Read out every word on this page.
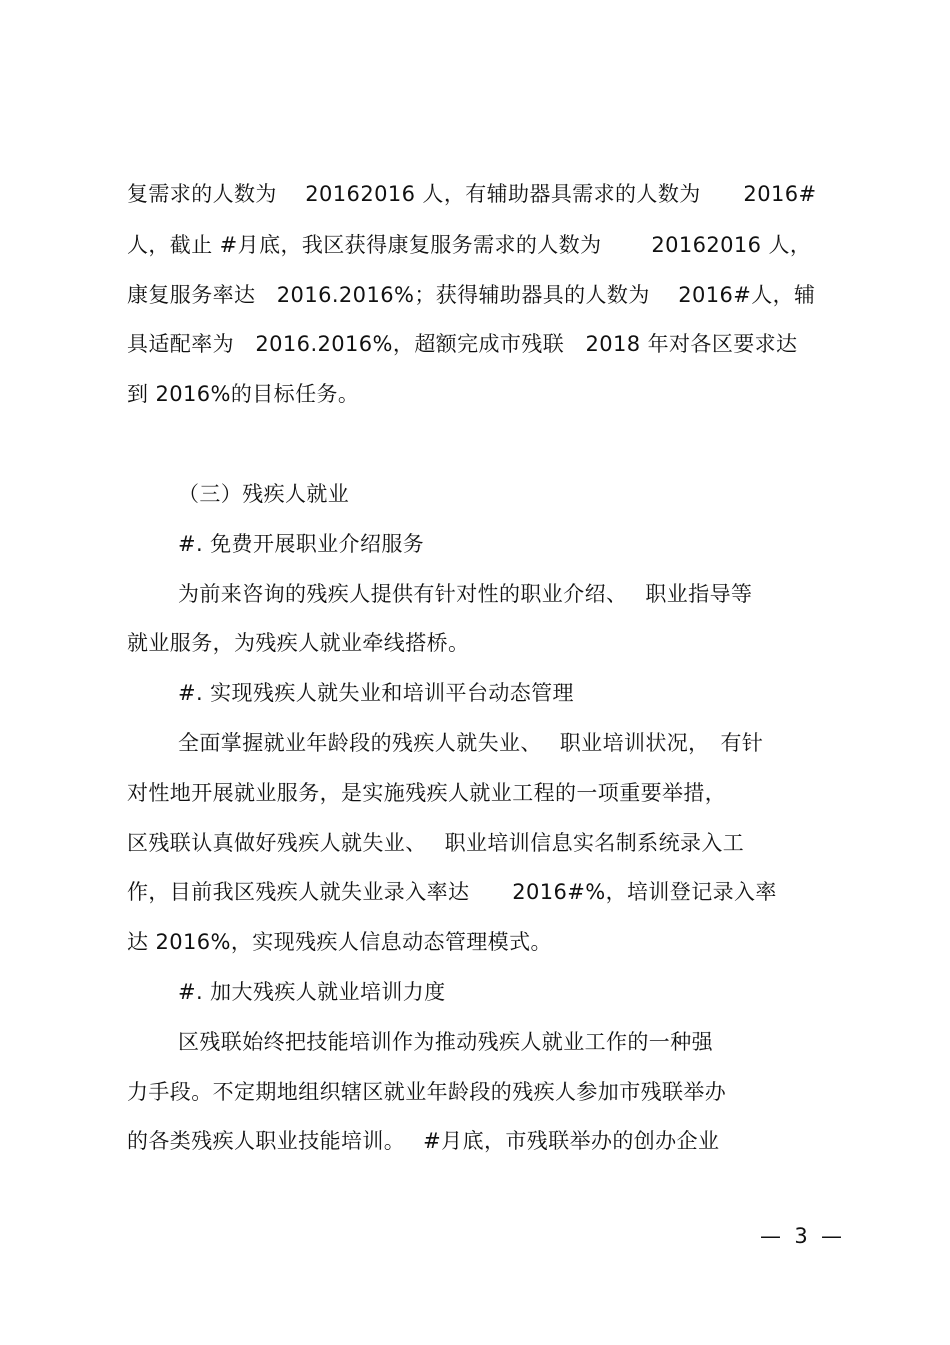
复需求的人数为　 20162016 人，有辅助器具需求的人数为　　2016#
人，截止 #月底，我区获得康复服务需求的人数为　　 20162016 人，
康复服务率达　2016.2016%；获得辅助器具的人数为　 2016#人，辅
具适配率为　2016.2016%，超额完成市残联　2018 年对各区要求达
到 2016%的目标任务。
（三）残疾人就业
#. 免费开展职业介绍服务
为前来咨询的残疾人提供有针对性的职业介绍、　 职业指导等
就业服务，为残疾人就业牵线搭桥。
#. 实现残疾人就失业和培训平台动态管理
全面掌握就业年龄段的残疾人就失业、　 职业培训状况，　有针
对性地开展就业服务，是实施残疾人就业工程的一项重要举措，
区残联认真做好残疾人就失业、　 职业培训信息实名制系统录入工
作，目前我区残疾人就失业录入率达　　2016#%，培训登记录入率
达 2016%，实现残疾人信息动态管理模式。
#. 加大残疾人就业培训力度
区残联始终把技能培训作为推动残疾人就业工作的一种强
力手段。不定期地组织辖区就业年龄段的残疾人参加市残联举办
的各类残疾人职业技能培训。　 #月底，市残联举办的创办企业
—  3  —
